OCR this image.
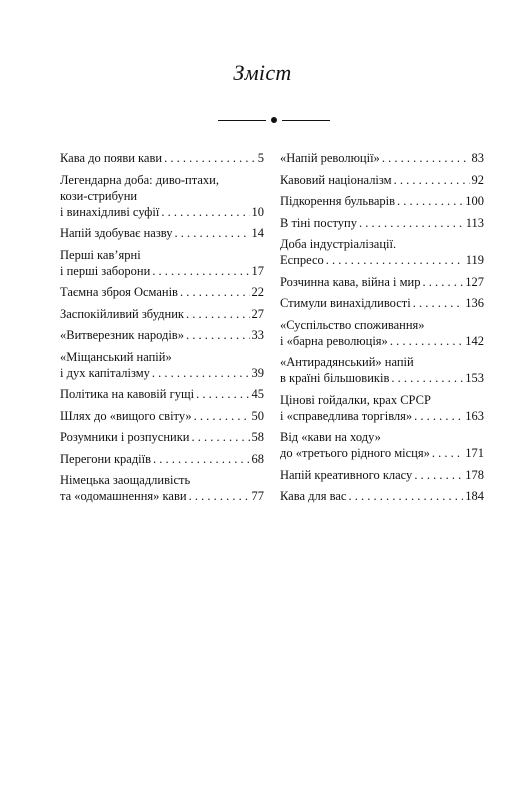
Зміст
Кава до появи кави . . .	5
Легендарна доба: диво-птахи,
кози-стрибуни
і винахідливі суфії . . .	10
Напій здобуває назву . . .	14
Перші кав’ярні
і перші заборони . . .	17
Таємна зброя Османів . . .	22
Заспокійливий збудник . . .	27
«Витверезник народів» . . .	33
«Міщанський напій»
і дух капіталізму . . .	39
Політика на кавовій гущі . . .	45
Шлях до «вищого світу» . . .	50
Розумники і розпусники . . .	58
Перегони крадіїв . . .	68
Німецька заощадливість
та «одомашнення» кави . . .	77
«Напій революції» . . .	83
Кавовий націоналізм . . .	92
Підкорення бульварів . . .	100
В тіні поступу . . .	113
Доба індустріалізації.
Еспресо . . .	119
Розчинна кава, війна і мир . . .	127
Стимули винахідливості . . .	136
«Суспільство споживання»
і «барна революція» . . .	142
«Антирадянський» напій
в країні більшовиків . . .	153
Цінові гойдалки, крах СРСР
і «справедлива торгівля» . . .	163
Від «кави на ходу»
до «третього рідного місця» . . .	171
Напій креативного класу . . .	178
Кава для вас . . .	184
